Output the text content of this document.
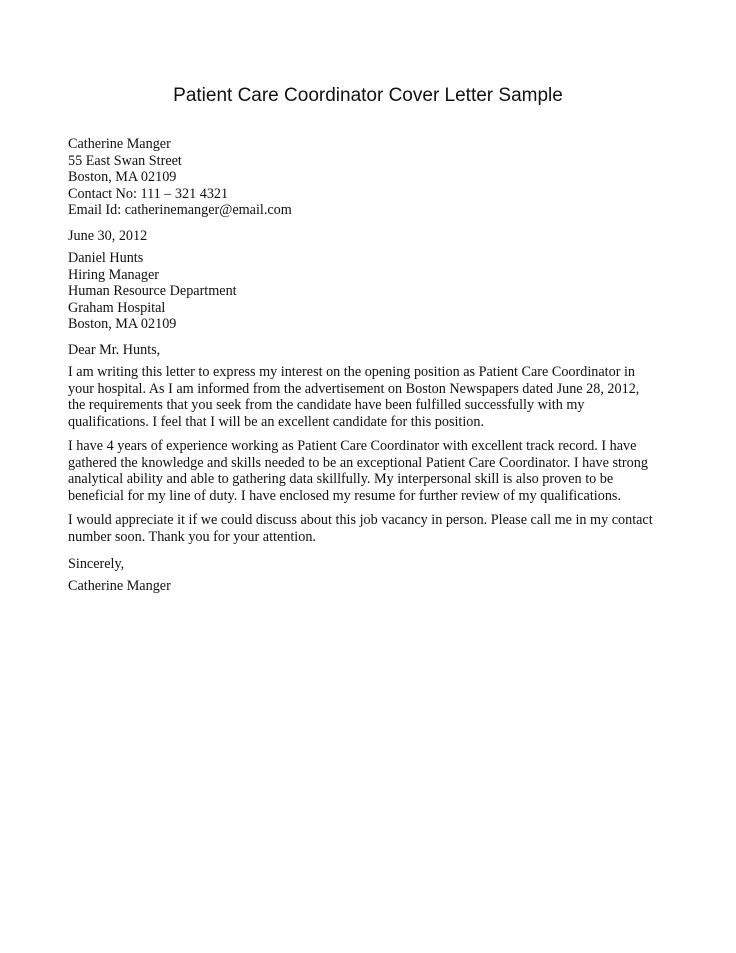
Patient Care Coordinator Cover Letter Sample
Catherine Manger
55 East Swan Street
Boston, MA 02109
Contact No: 111 – 321 4321
Email Id: catherinemanger@email.com
June 30, 2012
Daniel Hunts
Hiring Manager
Human Resource Department
Graham Hospital
Boston, MA 02109
Dear Mr. Hunts,
I am writing this letter to express my interest on the opening position as Patient Care Coordinator in
your hospital. As I am informed from the advertisement on Boston Newspapers dated June 28, 2012,
the requirements that you seek from the candidate have been fulfilled successfully with my
qualifications. I feel that I will be an excellent candidate for this position.
I have 4 years of experience working as Patient Care Coordinator with excellent track record. I have
gathered the knowledge and skills needed to be an exceptional Patient Care Coordinator. I have strong
analytical ability and able to gathering data skillfully. My interpersonal skill is also proven to be
beneficial for my line of duty. I have enclosed my resume for further review of my qualifications.
I would appreciate it if we could discuss about this job vacancy in person. Please call me in my contact
number soon. Thank you for your attention.
Sincerely,
Catherine Manger
